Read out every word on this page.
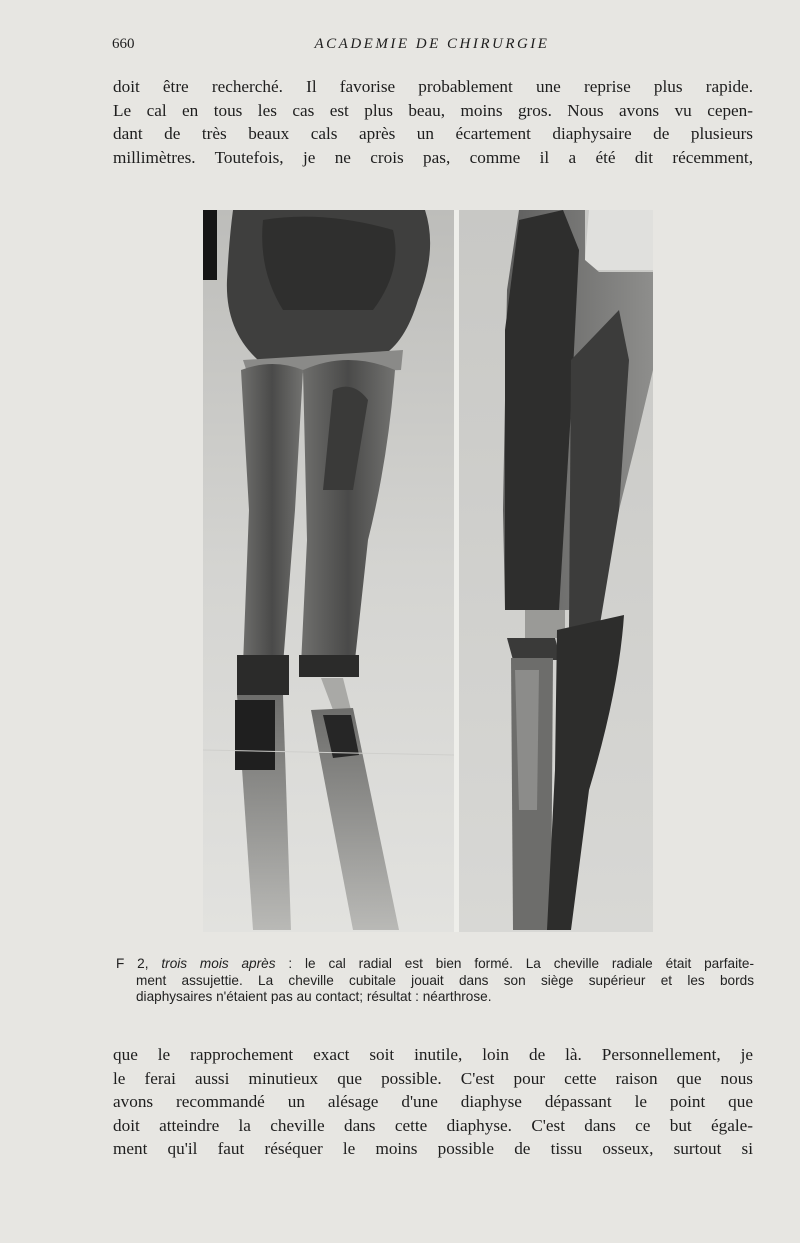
660	ACADEMIE DE CHIRURGIE
doit être recherché. Il favorise probablement une reprise plus rapide.
Le cal en tous les cas est plus beau, moins gros. Nous avons vu cepen-
dant de très beaux cals après un écartement diaphysaire de plusieurs
millimètres. Toutefois, je ne crois pas, comme il a été dit récemment,
F 2, trois mois après : le cal radial est bien formé. La cheville radiale était parfaite-
ment assujettie. La cheville cubitale jouait dans son siège supérieur et les bords
diaphysaires n'étaient pas au contact; résultat : néarthrose.
que le rapprochement exact soit inutile, loin de là. Personnellement, je
le ferai aussi minutieux que possible. C'est pour cette raison que nous
avons recommandé un alésage d'une diaphyse dépassant le point que
doit atteindre la cheville dans cette diaphyse. C'est dans ce but égale-
ment qu'il faut réséquer le moins possible de tissu osseux, surtout si
